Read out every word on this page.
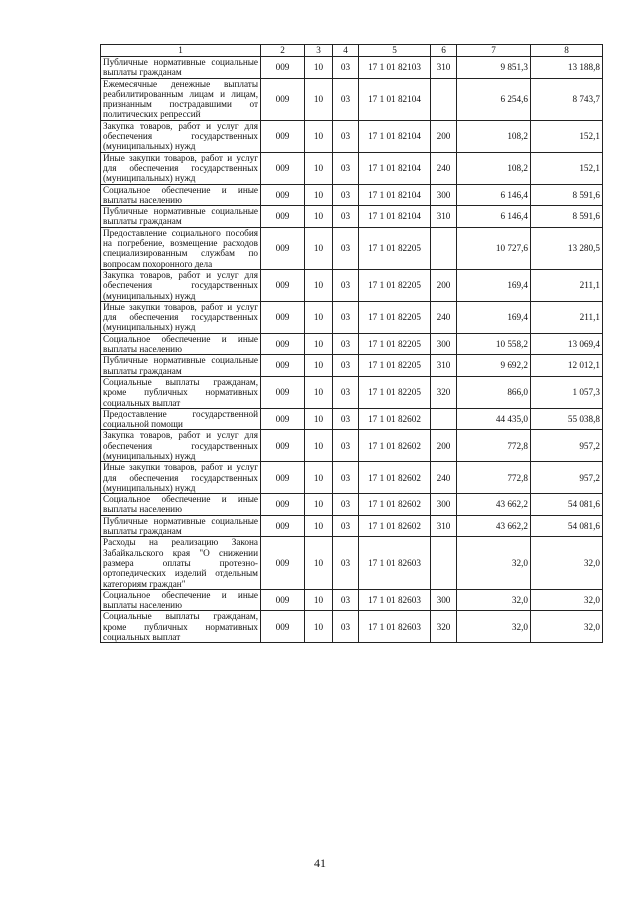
1	2	3	4	5	6	7	8
Публичные нормативные социальные выплаты гражданам	009	10	03	17 1 01 82103	310	9 851,3	13 188,8
Ежемесячные денежные выплаты реабилитированным лицам и лицам, признанным пострадавшими от политических репрессий	009	10	03	17 1 01 82104		6 254,6	8 743,7
Закупка товаров, работ и услуг для обеспечения государственных (муниципальных) нужд	009	10	03	17 1 01 82104	200	108,2	152,1
Иные закупки товаров, работ и услуг для обеспечения государственных (муниципальных) нужд	009	10	03	17 1 01 82104	240	108,2	152,1
Социальное обеспечение и иные выплаты населению	009	10	03	17 1 01 82104	300	6 146,4	8 591,6
Публичные нормативные социальные выплаты гражданам	009	10	03	17 1 01 82104	310	6 146,4	8 591,6
Предоставление социального пособия на погребение, возмещение расходов специализированным службам по вопросам похоронного дела	009	10	03	17 1 01 82205		10 727,6	13 280,5
Закупка товаров, работ и услуг для обеспечения государственных (муниципальных) нужд	009	10	03	17 1 01 82205	200	169,4	211,1
Иные закупки товаров, работ и услуг для обеспечения государственных (муниципальных) нужд	009	10	03	17 1 01 82205	240	169,4	211,1
Социальное обеспечение и иные выплаты населению	009	10	03	17 1 01 82205	300	10 558,2	13 069,4
Публичные нормативные социальные выплаты гражданам	009	10	03	17 1 01 82205	310	9 692,2	12 012,1
Социальные выплаты гражданам, кроме публичных нормативных социальных выплат	009	10	03	17 1 01 82205	320	866,0	1 057,3
Предоставление государственной социальной помощи	009	10	03	17 1 01 82602		44 435,0	55 038,8
Закупка товаров, работ и услуг для обеспечения государственных (муниципальных) нужд	009	10	03	17 1 01 82602	200	772,8	957,2
Иные закупки товаров, работ и услуг для обеспечения государственных (муниципальных) нужд	009	10	03	17 1 01 82602	240	772,8	957,2
Социальное обеспечение и иные выплаты населению	009	10	03	17 1 01 82602	300	43 662,2	54 081,6
Публичные нормативные социальные выплаты гражданам	009	10	03	17 1 01 82602	310	43 662,2	54 081,6
Расходы на реализацию Закона Забайкальского края "О снижении размера оплаты протезно-ортопедических изделий отдельным категориям граждан"	009	10	03	17 1 01 82603		32,0	32,0
Социальное обеспечение и иные выплаты населению	009	10	03	17 1 01 82603	300	32,0	32,0
Социальные выплаты гражданам, кроме публичных нормативных социальных выплат	009	10	03	17 1 01 82603	320	32,0	32,0
41
